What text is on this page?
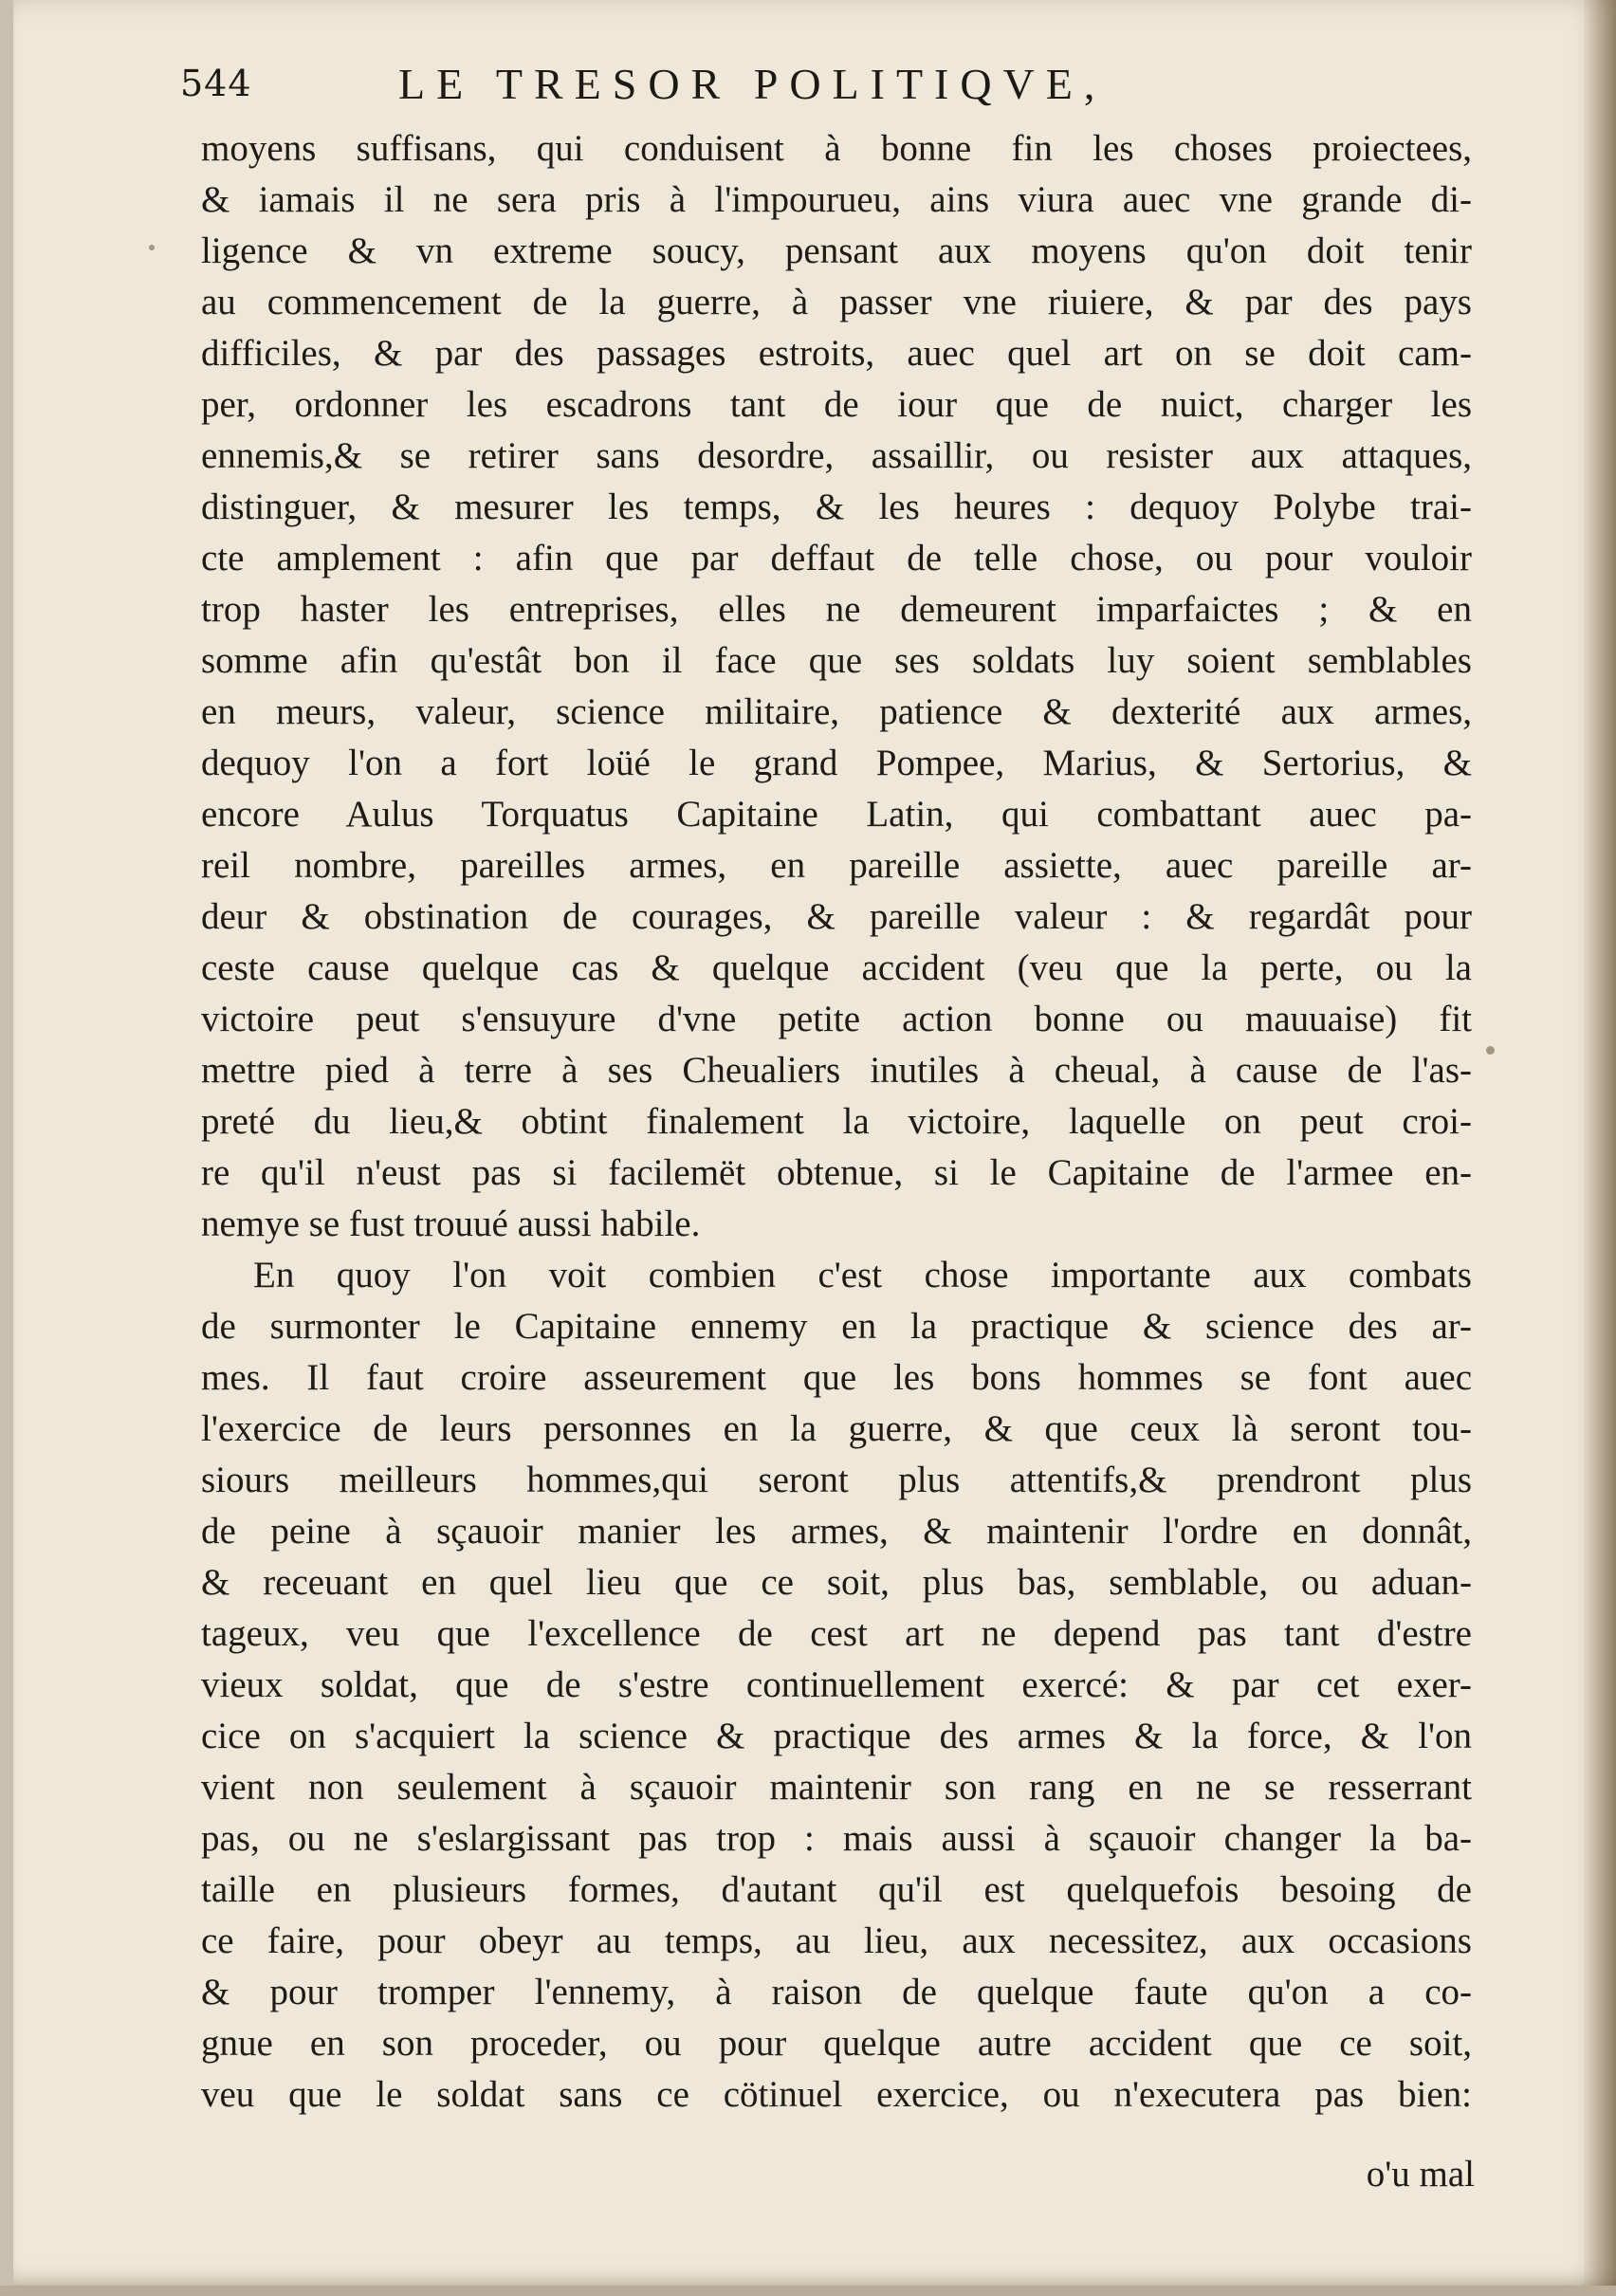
544	LE TRESOR POLITIQVE,
moyens suffisans, qui conduisent à bonne fin les choses proiectees,
& iamais il ne sera pris à l'impourueu, ains viura auec vne grande di-
ligence & vn extreme soucy, pensant aux moyens qu'on doit tenir
au commencement de la guerre, à passer vne riuiere, & par des pays
difficiles, & par des passages estroits, auec quel art on se doit cam-
per, ordonner les escadrons tant de iour que de nuict, charger les
ennemis,& se retirer sans desordre, assaillir, ou resister aux attaques,
distinguer, & mesurer les temps, & les heures : dequoy Polybe trai-
cte amplement : afin que par deffaut de telle chose, ou pour vouloir
trop haster les entreprises, elles ne demeurent imparfaictes ; & en
somme afin qu'estât bon il face que ses soldats luy soient semblables
en meurs, valeur, science militaire, patience & dexterité aux armes,
dequoy l'on a fort loüé le grand Pompee, Marius, & Sertorius, &
encore Aulus Torquatus Capitaine Latin, qui combattant auec pa-
reil nombre, pareilles armes, en pareille assiette, auec pareille ar-
deur & obstination de courages, & pareille valeur : & regardât pour
ceste cause quelque cas & quelque accident (veu que la perte, ou la
victoire peut s'ensuyure d'vne petite action bonne ou mauuaise) fit
mettre pied à terre à ses Cheualiers inutiles à cheual, à cause de l'as-
preté du lieu,& obtint finalement la victoire, laquelle on peut croi-
re qu'il n'eust pas si facilemët obtenue, si le Capitaine de l'armee en-
nemye se fust trouué aussi habile.
En quoy l'on voit combien c'est chose importante aux combats
de surmonter le Capitaine ennemy en la practique & science des ar-
mes. Il faut croire asseurement que les bons hommes se font auec
l'exercice de leurs personnes en la guerre, & que ceux là seront tou-
siours meilleurs hommes,qui seront plus attentifs,& prendront plus
de peine à sçauoir manier les armes, & maintenir l'ordre en donnât,
& receuant en quel lieu que ce soit, plus bas, semblable, ou aduan-
tageux, veu que l'excellence de cest art ne depend pas tant d'estre
vieux soldat, que de s'estre continuellement exercé: & par cet exer-
cice on s'acquiert la science & practique des armes & la force, & l'on
vient non seulement à sçauoir maintenir son rang en ne se resserrant
pas, ou ne s'eslargissant pas trop : mais aussi à sçauoir changer la ba-
taille en plusieurs formes, d'autant qu'il est quelquefois besoing de
ce faire, pour obeyr au temps, au lieu, aux necessitez, aux occasions
& pour tromper l'ennemy, à raison de quelque faute qu'on a co-
gnue en son proceder, ou pour quelque autre accident que ce soit,
veu que le soldat sans ce cötinuel exercice, ou n'executera pas bien:
o'u mal
